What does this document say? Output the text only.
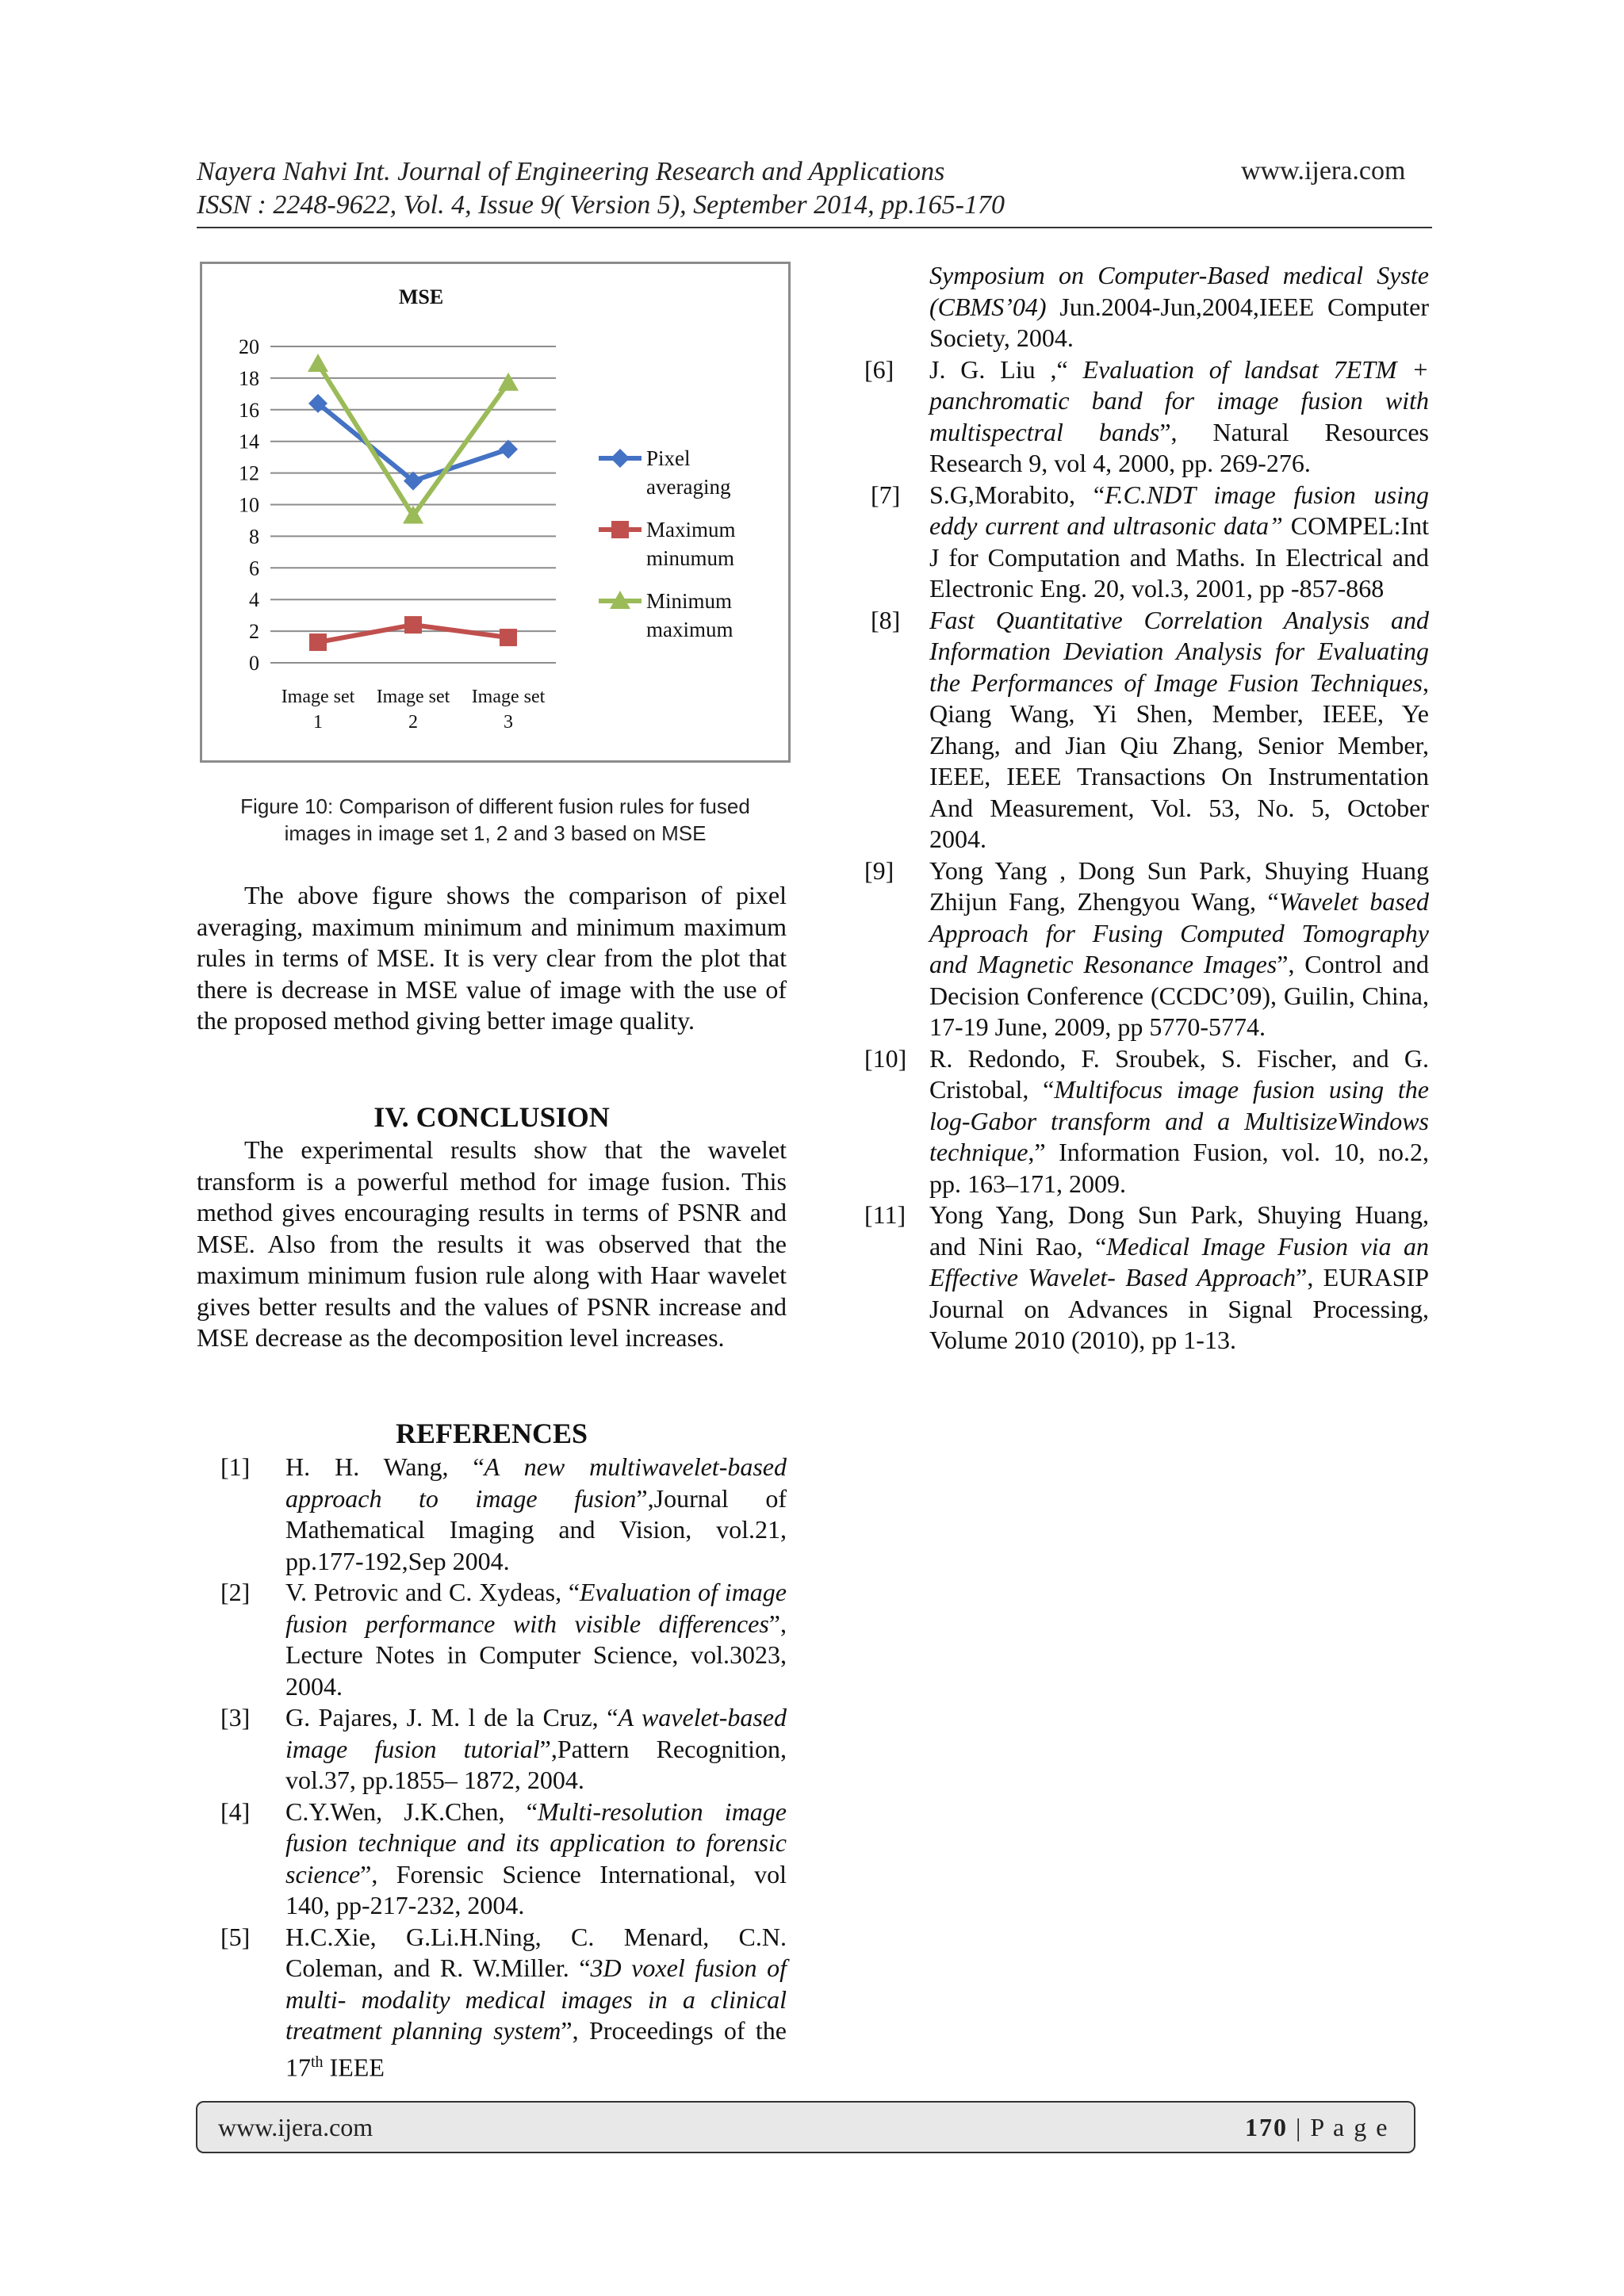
Nayera Nahvi Int. Journal of Engineering Research and Applications
ISSN : 2248-9622, Vol. 4, Issue 9( Version 5), September 2014, pp.165-170
www.ijera.com
MSE
0
2
4
6
8
10
12
14
16
18
20
Image set
1
Image set
2
Image set
3
Pixel
averaging
Maximum
minumum
Minimum
maximum
Figure 10: Comparison of different fusion rules for fused
images in image set 1, 2 and 3 based on MSE

The above figure shows the comparison of pixel averaging, maximum minimum and minimum maximum rules in terms of MSE. It is very clear from the plot that there is decrease in MSE value of image with the use of the proposed method giving better image quality.

IV. CONCLUSION

The experimental results show that the wavelet transform is a powerful method for image fusion. This method gives encouraging results in terms of PSNR and MSE. Also from the results it was observed that the maximum minimum fusion rule along with Haar wavelet gives better results and the values of PSNR increase and MSE decrease as the decomposition level increases.

REFERENCES
[1]	H. H. Wang, “A new multiwavelet-based approach to image fusion”,Journal of Mathematical Imaging and Vision, vol.21, pp.177-192,Sep 2004.
[2]	V. Petrovic and C. Xydeas, “Evaluation of image fusion performance with visible differences”, Lecture Notes in Computer Science, vol.3023, 2004.
[3]	G. Pajares, J. M. l de la Cruz, “A wavelet-based image fusion tutorial”,Pattern Recognition, vol.37, pp.1855– 1872, 2004.
[4]	C.Y.Wen, J.K.Chen, “Multi-resolution image fusion technique and its application to forensic science”, Forensic Science International, vol 140, pp-217-232, 2004.
[5]	H.C.Xie, G.Li.H.Ning, C. Menard, C.N. Coleman, and R. W.Miller. “3D voxel fusion of multi- modality medical images in a clinical treatment planning system”, Proceedings of the 17th IEEE
Symposium on Computer-Based medical Syste (CBMS’04) Jun.2004-Jun,2004,IEEE Computer Society, 2004.
[6]	J. G. Liu ,“ Evaluation of landsat 7ETM + panchromatic band for image fusion with multispectral bands”, Natural Resources Research 9, vol 4, 2000, pp. 269-276.
[7]	S.G,Morabito, “F.C.NDT image fusion using eddy current and ultrasonic data” COMPEL:Int J for Computation and Maths. In Electrical and Electronic Eng. 20, vol.3, 2001, pp -857-868
[8]	Fast Quantitative Correlation Analysis and Information Deviation Analysis for Evaluating the Performances of Image Fusion Techniques, Qiang Wang, Yi Shen, Member, IEEE, Ye Zhang, and Jian Qiu Zhang, Senior Member, IEEE, IEEE Transactions On Instrumentation And Measurement, Vol. 53, No. 5, October 2004.
[9]	Yong Yang , Dong Sun Park, Shuying Huang Zhijun Fang, Zhengyou Wang, “Wavelet based Approach for Fusing Computed Tomography and Magnetic Resonance Images”, Control and Decision Conference (CCDC’09), Guilin, China, 17-19 June, 2009, pp 5770-5774.
[10] R. Redondo, F. Sroubek, S. Fischer, and G. Cristobal, “Multifocus image fusion using the log-Gabor transform and a MultisizeWindows technique,” Information Fusion, vol. 10, no.2, pp. 163–171, 2009.
[11] Yong Yang, Dong Sun Park, Shuying Huang, and Nini Rao, “Medical Image Fusion via an Effective Wavelet- Based Approach”, EURASIP Journal on Advances in Signal Processing, Volume 2010 (2010), pp 1-13.
www.ijera.com	170 | P a g e
